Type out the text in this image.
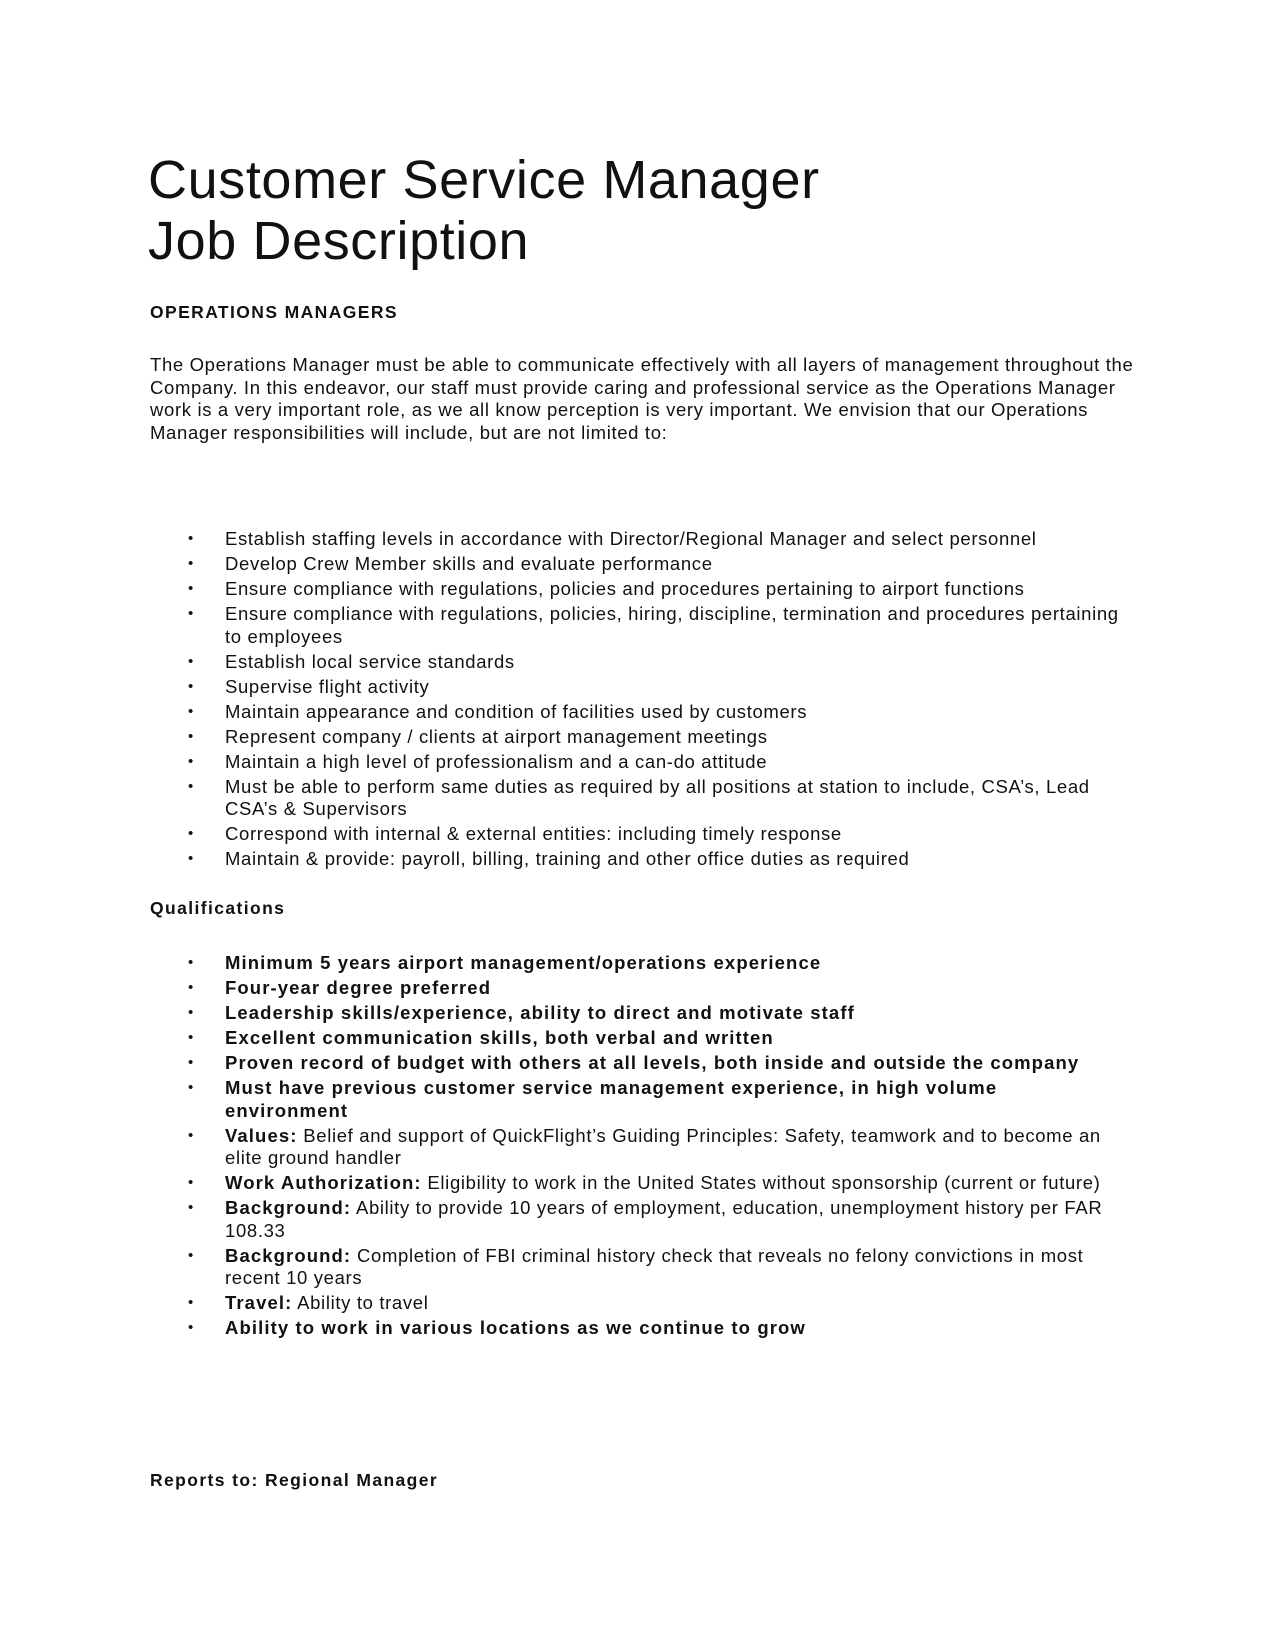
Customer Service Manager
Job Description
OPERATIONS MANAGERS

The Operations Manager must be able to communicate effectively with all layers of management throughout the Company. In this endeavor, our staff must provide caring and professional service as the Operations Manager work is a very important role, as we all know perception is very important. We envision that our Operations Manager responsibilities will include, but are not limited to:

• Establish staffing levels in accordance with Director/Regional Manager and select personnel
• Develop Crew Member skills and evaluate performance
• Ensure compliance with regulations, policies and procedures pertaining to airport functions
• Ensure compliance with regulations, policies, hiring, discipline, termination and procedures pertaining to employees
• Establish local service standards
• Supervise flight activity
• Maintain appearance and condition of facilities used by customers
• Represent company / clients at airport management meetings
• Maintain a high level of professionalism and a can-do attitude
• Must be able to perform same duties as required by all positions at station to include, CSA’s, Lead CSA’s & Supervisors
• Correspond with internal & external entities: including timely response
• Maintain & provide: payroll, billing, training and other office duties as required
Qualifications
• Minimum 5 years airport management/operations experience
• Four-year degree preferred
• Leadership skills/experience, ability to direct and motivate staff
• Excellent communication skills, both verbal and written
• Proven record of budget with others at all levels, both inside and outside the company
• Must have previous customer service management experience, in high volume environment
• Values: Belief and support of QuickFlight’s Guiding Principles: Safety, teamwork and to become an elite ground handler
• Work Authorization: Eligibility to work in the United States without sponsorship (current or future)
• Background: Ability to provide 10 years of employment, education, unemployment history per FAR 108.33
• Background: Completion of FBI criminal history check that reveals no felony convictions in most recent 10 years
• Travel: Ability to travel
• Ability to work in various locations as we continue to grow

Reports to: Regional Manager
